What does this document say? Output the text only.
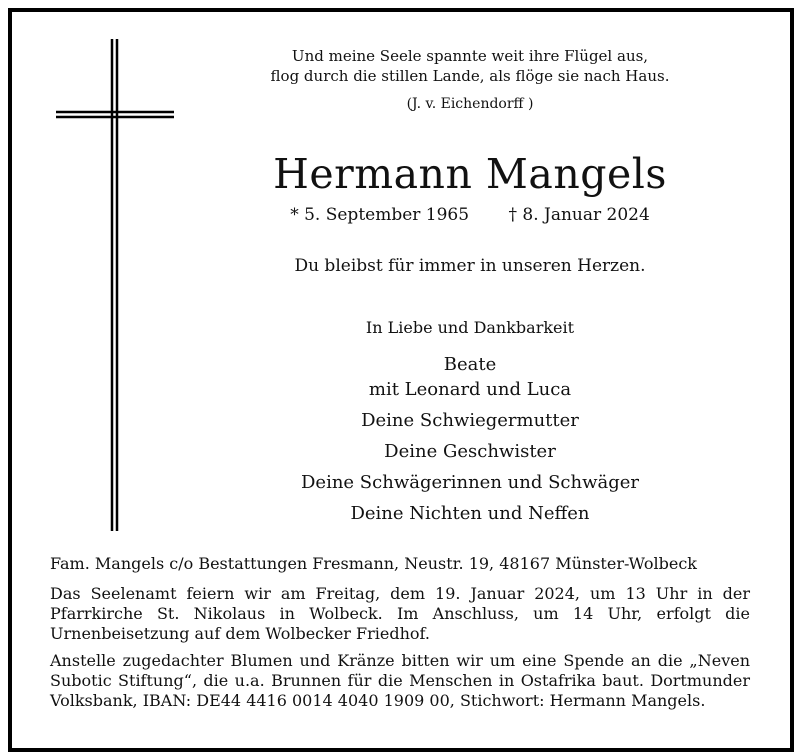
Und meine Seele spannte weit ihre Flügel aus,
flog durch die stillen Lande, als flöge sie nach Haus.
(J. v. Eichendorff )
Hermann Mangels
* 5. September 1965 † 8. Januar 2024
Du bleibst für immer in unseren Herzen.
In Liebe und Dankbarkeit
Beate
mit Leonard und Luca
Deine Schwiegermutter
Deine Geschwister
Deine Schwägerinnen und Schwäger
Deine Nichten und Neffen
Fam. Mangels c/o Bestattungen Fresmann, Neustr. 19, 48167 Münster-Wolbeck
Das Seelenamt feiern wir am Freitag, dem 19. Januar 2024, um 13 Uhr in der Pfarrkirche St. Nikolaus in Wolbeck. Im Anschluss, um 14 Uhr, erfolgt die Urnenbeisetzung auf dem Wolbecker Friedhof.
Anstelle zugedachter Blumen und Kränze bitten wir um eine Spende an die „Neven Subotic Stiftung“, die u.a. Brunnen für die Menschen in Ostafrika baut. Dortmunder Volksbank, IBAN: DE44 4416 0014 4040 1909 00, Stichwort: Hermann Mangels.
